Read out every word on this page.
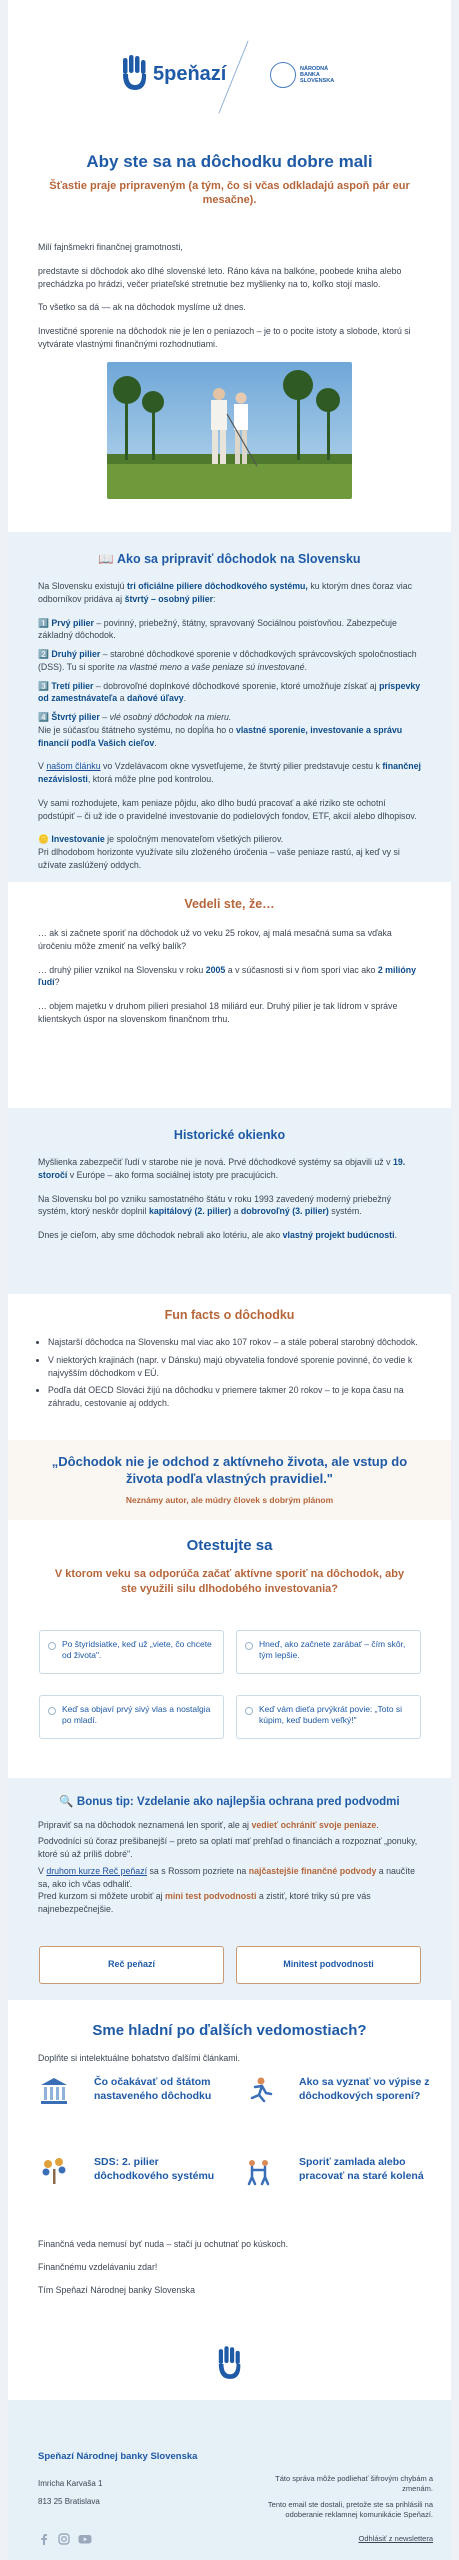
5peňazí	NÁRODNÁ BANKA SLOVENSKA
Aby ste sa na dôchodku dobre mali
Šťastie praje pripraveným (a tým, čo si včas odkladajú aspoň pár eur mesačne).

Milí fajnšmekri finančnej gramotnosti,

predstavte si dôchodok ako dlhé slovenské leto. Ráno káva na balkóne, poobede kniha alebo prechádzka po hrádzi, večer priateľské stretnutie bez myšlienky na to, koľko stojí maslo.

To všetko sa dá — ak na dôchodok myslíme už dnes.

Investičné sporenie na dôchodok nie je len o peniazoch – je to o pocite istoty a slobode, ktorú si vytvárate vlastnými finančnými rozhodnutiami.

📖 Ako sa pripraviť dôchodok na Slovensku

Na Slovensku existujú tri oficiálne piliere dôchodkového systému, ku ktorým dnes čoraz viac odborníkov pridáva aj štvrtý – osobný pilier:

1️⃣ Prvý pilier – povinný, priebežný, štátny, spravovaný Sociálnou poisťovňou. Zabezpečuje základný dôchodok.

2️⃣ Druhý pilier – starobné dôchodkové sporenie v dôchodkových správcovských spoločnostiach (DSS). Tu si sporíte na vlastné meno a vaše peniaze sú investované.

3️⃣ Tretí pilier – dobrovoľné doplnkové dôchodkové sporenie, ktoré umožňuje získať aj príspevky od zamestnávateľa a daňové úľavy.

4️⃣ Štvrtý pilier – vlé osobný dôchodok na mieru.
Nie je súčasťou štátneho systému, no dopĺňa ho o vlastné sporenie, investovanie a správu financií podľa Vašich cieľov.

V našom článku vo Vzdelávacom okne vysvetľujeme, že štvrtý pilier predstavuje cestu k finančnej nezávislosti, ktorá môže plne pod kontrolou.

Vy sami rozhodujete, kam peniaze pôjdu, ako dlho budú pracovať a aké riziko ste ochotní podstúpiť – či už ide o pravidelné investovanie do podielových fondov, ETF, akcií alebo dlhopisov.

🪙 Investovanie je spoločným menovateľom všetkých pilierov.
Pri dlhodobom horizonte využívate silu zloženého úročenia – vaše peniaze rastú, aj keď vy si užívate zaslúžený oddych.

Vedeli ste, že…

… ak si začnete sporiť na dôchodok už vo veku 25 rokov, aj malá mesačná suma sa vďaka úročeniu môže zmeniť na veľký balík?

… druhý pilier vznikol na Slovensku v roku 2005 a v súčasnosti si v ňom sporí viac ako 2 milióny ľudí?

… objem majetku v druhom pilieri presiahol 18 miliárd eur. Druhý pilier je tak lídrom v správe klientskych úspor na slovenskom finančnom trhu.

Historické okienko

Myšlienka zabezpečiť ľudí v starobe nie je nová. Prvé dôchodkové systémy sa objavili už v 19. storočí v Európe – ako forma sociálnej istoty pre pracujúcich.

Na Slovensku bol po vzniku samostatného štátu v roku 1993 zavedený moderný priebežný systém, ktorý neskôr doplnil kapitálový (2. pilier) a dobrovoľný (3. pilier) systém.

Dnes je cieľom, aby sme dôchodok nebrali ako lotériu, ale ako vlastný projekt budúcnosti.

Fun facts o dôchodku
• Najstarší dôchodca na Slovensku mal viac ako 107 rokov – a stále poberal starobný dôchodok.
• V niektorých krajinách (napr. v Dánsku) majú obyvatelia fondové sporenie povinné, čo vedie k najvyšším dôchodkom v EÚ.
• Podľa dát OECD Slováci žijú na dôchodku v priemere takmer 20 rokov – to je kopa času na záhradu, cestovanie aj oddych.
„Dôchodok nie je odchod z aktívneho života, ale vstup do života podľa vlastných pravidiel."
Neznámy autor, ale múdry človek s dobrým plánom
Otestujte sa
V ktorom veku sa odporúča začať aktívne sporiť na dôchodok, aby ste využili silu dlhodobého investovania?
Po štyridsiatke, keď už „viete, čo chcete od života".
Hneď, ako začnete zarábať – čím skôr, tým lepšie.
Keď sa objaví prvý sivý vlas a nostalgia po mladí.
Keď vám dieťa prvýkrát povie: „Toto si kúpim, keď budem veľký!"
🔍 Bonus tip: Vzdelanie ako najlepšia ochrana pred podvodmi

Pripraviť sa na dôchodok neznamená len sporiť, ale aj vedieť ochrániť svoje peniaze.

Podvodníci sú čoraz prešibanejší – preto sa oplatí mať prehľad o financiách a rozpoznať „ponuky, ktoré sú až príliš dobré".

V druhom kurze Reč peňazí sa s Rossom pozriete na najčastejšie finančné podvody a naučíte sa, ako ich včas odhaliť.

Pred kurzom si môžete urobiť aj mini test podvodnosti a zistiť, ktoré triky sú pre vás najnebezpečnejšie.

Reč peňazí	Minitest podvodnosti
Sme hladní po ďalších vedomostiach?
Doplňte si intelektuálne bohatstvo ďalšími článkami.
Čo očakávať od štátom nastaveného dôchodku
Ako sa vyznať vo výpise z dôchodkových sporení?
SDS: 2. pilier dôchodkového systému
Sporiť zamlada alebo pracovať na staré kolená

Finančná veda nemusí byť nuda – stačí ju ochutnať po kúskoch.

Finančnému vzdelávaniu zdar!

Tím Speňazí Národnej banky Slovenska

Speňazí Národnej banky Slovenska
Imricha Karvaša 1
813 25 Bratislava
Táto správa môže podliehať šifrovým chybám a zmenám.
Tento email ste dostali, pretože ste sa prihlásili na odoberanie reklamnej komunikácie Speňazí.
Odhlásiť z newslettera
